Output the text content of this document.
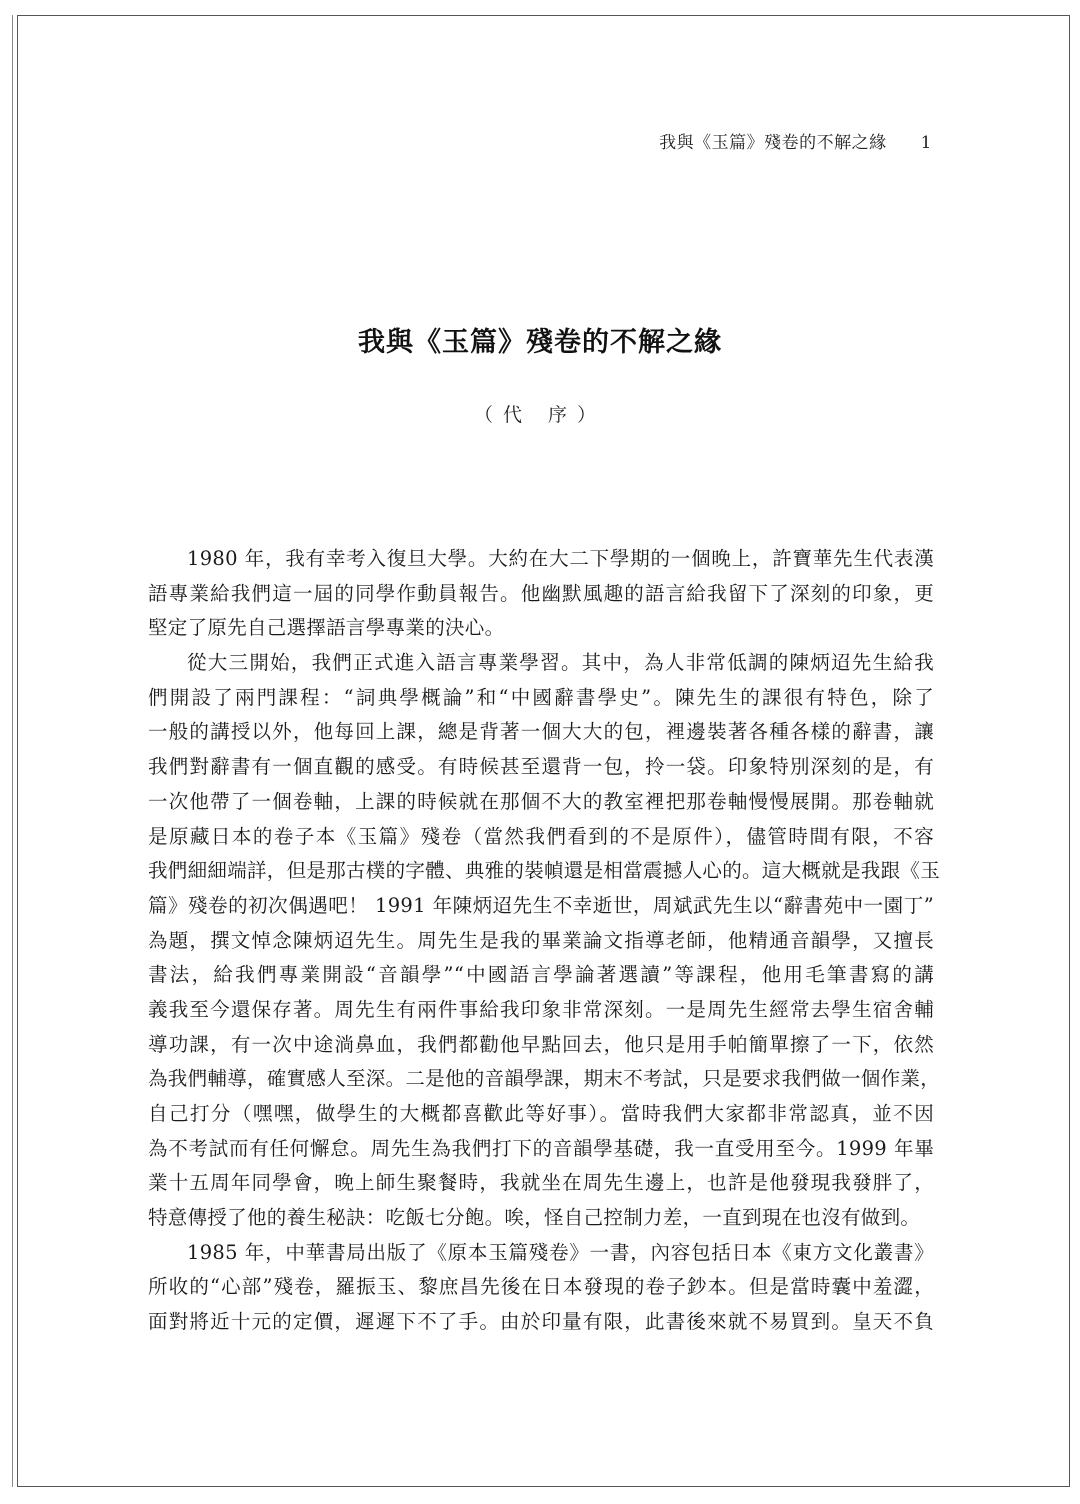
我與《玉篇》殘卷的不解之緣 1
我與《玉篇》殘卷的不解之緣
（代 序）
1980 年，我有幸考入復旦大學。大約在大二下學期的一個晚上，許寶華先生代表漢
語專業給我們這一屆的同學作動員報告。他幽默風趣的語言給我留下了深刻的印象，更
堅定了原先自己選擇語言學專業的決心。
從大三開始，我們正式進入語言專業學習。其中，為人非常低調的陳炳迢先生給我
們開設了兩門課程：“詞典學概論”和“中國辭書學史”。陳先生的課很有特色，除了
一般的講授以外，他每回上課，總是背著一個大大的包，裡邊裝著各種各樣的辭書，讓
我們對辭書有一個直觀的感受。有時候甚至還背一包，拎一袋。印象特別深刻的是，有
一次他帶了一個卷軸，上課的時候就在那個不大的教室裡把那卷軸慢慢展開。那卷軸就
是原藏日本的卷子本《玉篇》殘卷（當然我們看到的不是原件），儘管時間有限，不容
我們細細端詳，但是那古樸的字體、典雅的裝幀還是相當震撼人心的。這大概就是我跟《玉
篇》殘卷的初次偶遇吧！ 1991 年陳炳迢先生不幸逝世，周斌武先生以“辭書苑中一園丁”
為題，撰文悼念陳炳迢先生。周先生是我的畢業論文指導老師，他精通音韻學，又擅長
書法，給我們專業開設“音韻學”“中國語言學論著選讀”等課程，他用毛筆書寫的講
義我至今還保存著。周先生有兩件事給我印象非常深刻。一是周先生經常去學生宿舍輔
導功課，有一次中途淌鼻血，我們都勸他早點回去，他只是用手帕簡單擦了一下，依然
為我們輔導，確實感人至深。二是他的音韻學課，期末不考試，只是要求我們做一個作業，
自己打分（嘿嘿，做學生的大概都喜歡此等好事）。當時我們大家都非常認真，並不因
為不考試而有任何懈怠。周先生為我們打下的音韻學基礎，我一直受用至今。1999 年畢
業十五周年同學會，晚上師生聚餐時，我就坐在周先生邊上，也許是他發現我發胖了，
特意傳授了他的養生秘訣：吃飯七分飽。唉，怪自己控制力差，一直到現在也沒有做到。
1985 年，中華書局出版了《原本玉篇殘卷》一書，內容包括日本《東方文化叢書》
所收的“心部”殘卷，羅振玉、黎庶昌先後在日本發現的卷子鈔本。但是當時囊中羞澀，
面對將近十元的定價，遲遲下不了手。由於印量有限，此書後來就不易買到。皇天不負
